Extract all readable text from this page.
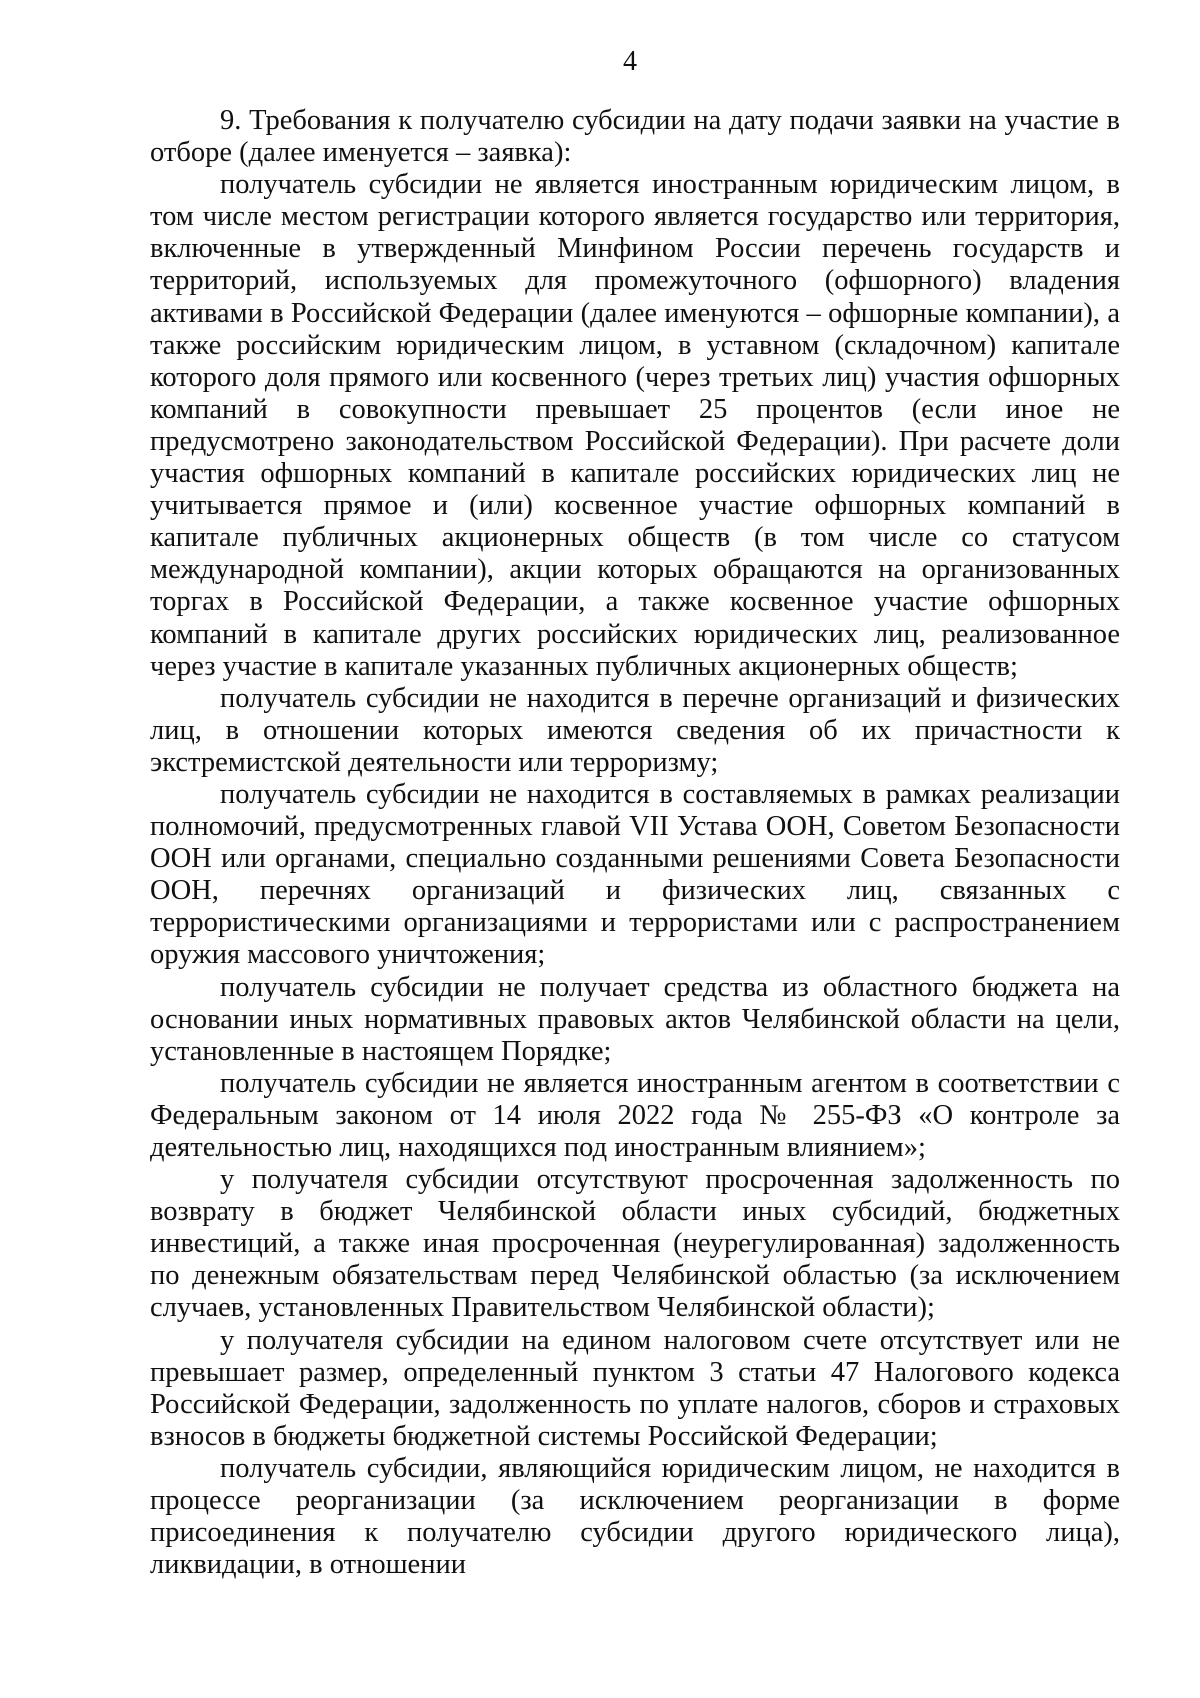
4

9. Требования к получателю субсидии на дату подачи заявки на участие в отборе (далее именуется – заявка):

получатель субсидии не является иностранным юридическим лицом, в том числе местом регистрации которого является государство или территория, включенные в утвержденный Минфином России перечень государств и территорий, используемых для промежуточного (офшорного) владения активами в Российской Федерации (далее именуются – офшорные компании), а также российским юридическим лицом, в уставном (складочном) капитале которого доля прямого или косвенного (через третьих лиц) участия офшорных компаний в совокупности превышает 25 процентов (если иное не предусмотрено законодательством Российской Федерации). При расчете доли участия офшорных компаний в капитале российских юридических лиц не учитывается прямое и (или) косвенное участие офшорных компаний в капитале публичных акционерных обществ (в том числе со статусом международной компании), акции которых обращаются на организованных торгах в Российской Федерации, а также косвенное участие офшорных компаний в капитале других российских юридических лиц, реализованное через участие в капитале указанных публичных акционерных обществ;

получатель субсидии не находится в перечне организаций и физических лиц, в отношении которых имеются сведения об их причастности к экстремистской деятельности или терроризму;

получатель субсидии не находится в составляемых в рамках реализации полномочий, предусмотренных главой VII Устава ООН, Советом Безопасности ООН или органами, специально созданными решениями Совета Безопасности ООН, перечнях организаций и физических лиц, связанных с террористическими организациями и террористами или с распространением оружия массового уничтожения;

получатель субсидии не получает средства из областного бюджета на основании иных нормативных правовых актов Челябинской области на цели, установленные в настоящем Порядке;

получатель субсидии не является иностранным агентом в соответствии с Федеральным законом от 14 июля 2022 года № 255-ФЗ «О контроле за деятельностью лиц, находящихся под иностранным влиянием»;

у получателя субсидии отсутствуют просроченная задолженность по возврату в бюджет Челябинской области иных субсидий, бюджетных инвестиций, а также иная просроченная (неурегулированная) задолженность по денежным обязательствам перед Челябинской областью (за исключением случаев, установленных Правительством Челябинской области);

у получателя субсидии на едином налоговом счете отсутствует или не превышает размер, определенный пунктом 3 статьи 47 Налогового кодекса Российской Федерации, задолженность по уплате налогов, сборов и страховых взносов в бюджеты бюджетной системы Российской Федерации;

получатель субсидии, являющийся юридическим лицом, не находится в процессе реорганизации (за исключением реорганизации в форме присоединения к получателю субсидии другого юридического лица), ликвидации, в отношении
